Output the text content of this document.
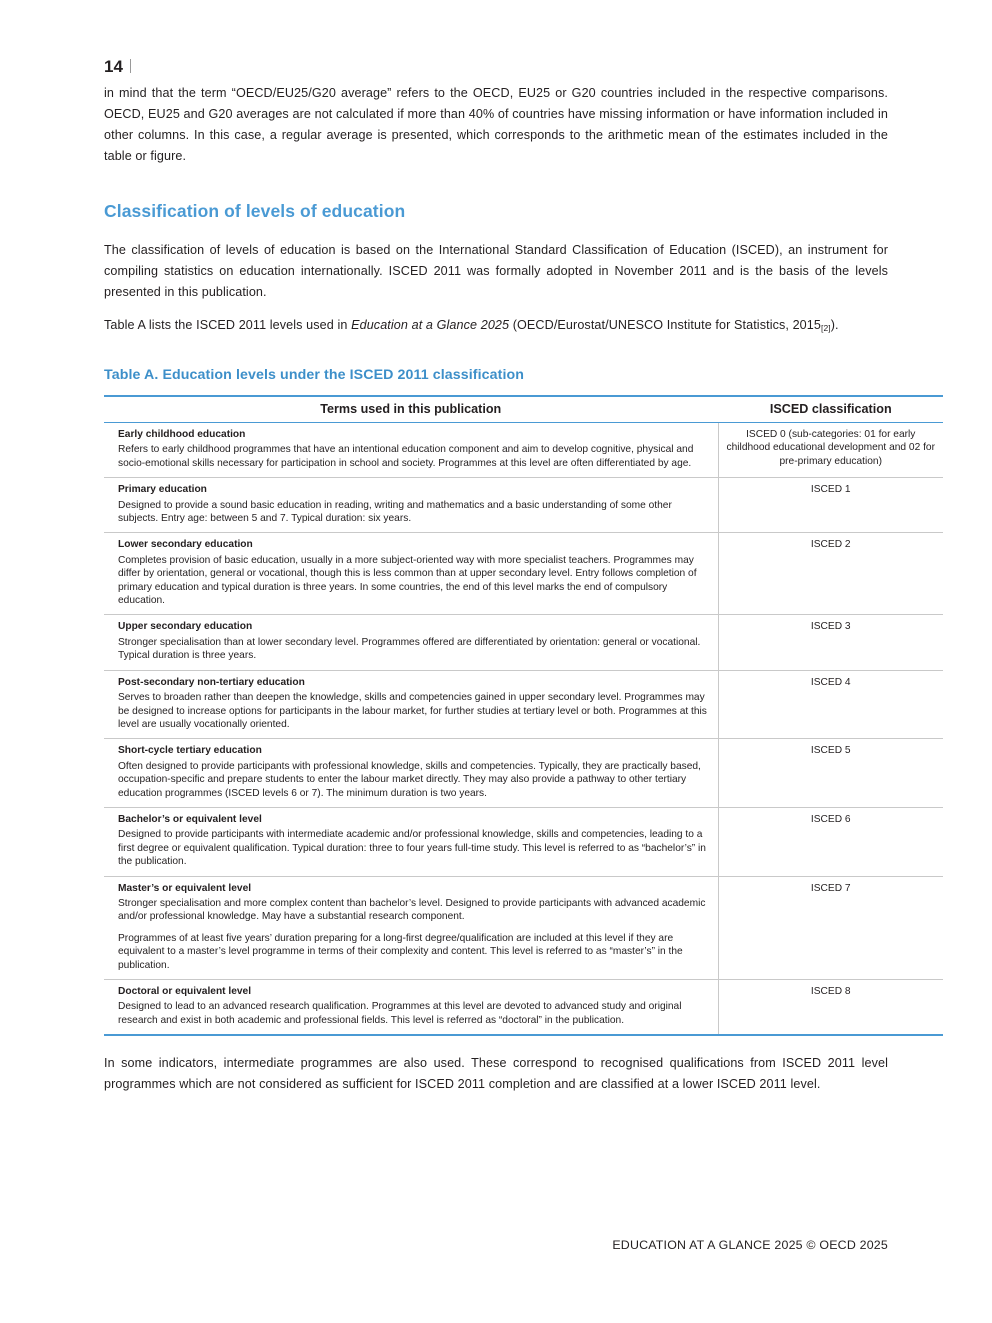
14

in mind that the term “OECD/EU25/G20 average” refers to the OECD, EU25 or G20 countries included in the respective comparisons. OECD, EU25 and G20 averages are not calculated if more than 40% of countries have missing information or have information included in other columns. In this case, a regular average is presented, which corresponds to the arithmetic mean of the estimates included in the table or figure.

Classification of levels of education

The classification of levels of education is based on the International Standard Classification of Education (ISCED), an instrument for compiling statistics on education internationally. ISCED 2011 was formally adopted in November 2011 and is the basis of the levels presented in this publication.

Table A lists the ISCED 2011 levels used in Education at a Glance 2025 (OECD/Eurostat/UNESCO Institute for Statistics, 2015[2]).

Table A. Education levels under the ISCED 2011 classification
Terms used in this publication	ISCED classification

Early childhood education
Refers to early childhood programmes that have an intentional education component and aim to develop cognitive, physical and socio-emotional skills necessary for participation in school and society. Programmes at this level are often differentiated by age.	ISCED 0 (sub-categories: 01 for early childhood educational development and 02 for pre-primary education)

Primary education
Designed to provide a sound basic education in reading, writing and mathematics and a basic understanding of some other subjects. Entry age: between 5 and 7. Typical duration: six years.	ISCED 1

Lower secondary education
Completes provision of basic education, usually in a more subject-oriented way with more specialist teachers. Programmes may differ by orientation, general or vocational, though this is less common than at upper secondary level. Entry follows completion of primary education and typical duration is three years. In some countries, the end of this level marks the end of compulsory education.	ISCED 2

Upper secondary education
Stronger specialisation than at lower secondary level. Programmes offered are differentiated by orientation: general or vocational. Typical duration is three years.	ISCED 3

Post-secondary non-tertiary education
Serves to broaden rather than deepen the knowledge, skills and competencies gained in upper secondary level. Programmes may be designed to increase options for participants in the labour market, for further studies at tertiary level or both. Programmes at this level are usually vocationally oriented.	ISCED 4

Short-cycle tertiary education
Often designed to provide participants with professional knowledge, skills and competencies. Typically, they are practically based, occupation-specific and prepare students to enter the labour market directly. They may also provide a pathway to other tertiary education programmes (ISCED levels 6 or 7). The minimum duration is two years.	ISCED 5

Bachelor’s or equivalent level
Designed to provide participants with intermediate academic and/or professional knowledge, skills and competencies, leading to a first degree or equivalent qualification. Typical duration: three to four years full-time study. This level is referred to as “bachelor’s” in the publication.	ISCED 6

Master’s or equivalent level
Stronger specialisation and more complex content than bachelor’s level. Designed to provide participants with advanced academic and/or professional knowledge. May have a substantial research component.
Programmes of at least five years’ duration preparing for a long-first degree/qualification are included at this level if they are equivalent to a master’s level programme in terms of their complexity and content. This level is referred to as “master’s” in the publication.	ISCED 7

Doctoral or equivalent level
Designed to lead to an advanced research qualification. Programmes at this level are devoted to advanced study and original research and exist in both academic and professional fields. This level is referred as “doctoral” in the publication.	ISCED 8

In some indicators, intermediate programmes are also used. These correspond to recognised qualifications from ISCED 2011 level programmes which are not considered as sufficient for ISCED 2011 completion and are classified at a lower ISCED 2011 level.

EDUCATION AT A GLANCE 2025 © OECD 2025
